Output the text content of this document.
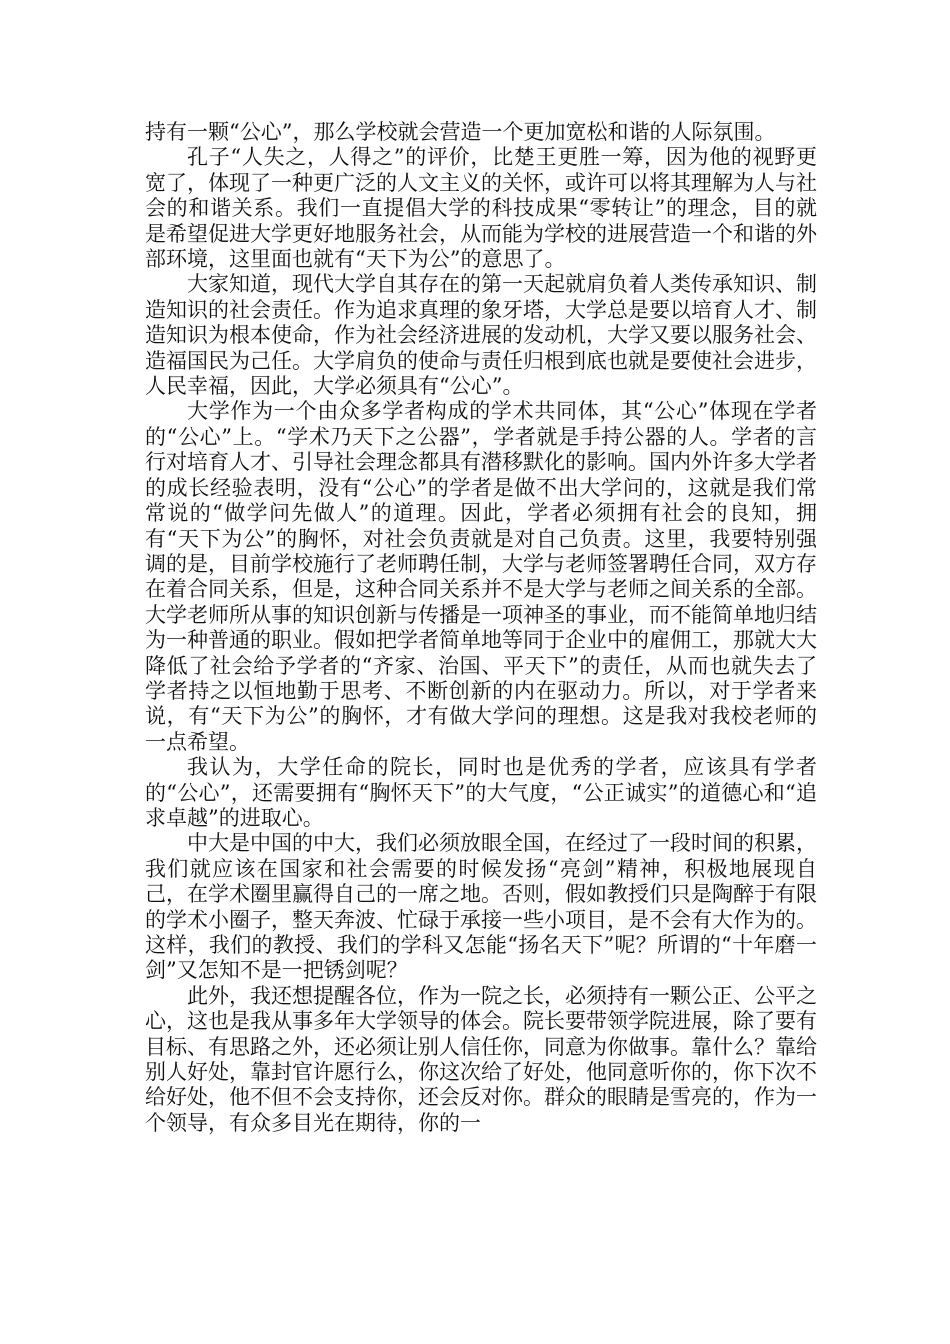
持有一颗“公心”，那么学校就会营造一个更加宽松和谐的人际氛围。

孔子“人失之，人得之”的评价，比楚王更胜一筹，因为他的视野更宽了，体现了一种更广泛的人文主义的关怀，或许可以将其理解为人与社会的和谐关系。我们一直提倡大学的科技成果“零转让”的理念，目的就是希望促进大学更好地服务社会，从而能为学校的进展营造一个和谐的外部环境，这里面也就有“天下为公”的意思了。

大家知道，现代大学自其存在的第一天起就肩负着人类传承知识、制造知识的社会责任。作为追求真理的象牙塔，大学总是要以培育人才、制造知识为根本使命，作为社会经济进展的发动机，大学又要以服务社会、造福国民为己任。大学肩负的使命与责任归根到底也就是要使社会进步，人民幸福，因此，大学必须具有“公心”。

大学作为一个由众多学者构成的学术共同体，其“公心”体现在学者的“公心”上。“学术乃天下之公器”，学者就是手持公器的人。学者的言行对培育人才、引导社会理念都具有潜移默化的影响。国内外许多大学者的成长经验表明，没有“公心”的学者是做不出大学问的，这就是我们常常说的“做学问先做人”的道理。因此，学者必须拥有社会的良知，拥有“天下为公”的胸怀，对社会负责就是对自己负责。这里，我要特别强调的是，目前学校施行了老师聘任制，大学与老师签署聘任合同，双方存在着合同关系，但是，这种合同关系并不是大学与老师之间关系的全部。大学老师所从事的知识创新与传播是一项神圣的事业，而不能简单地归结为一种普通的职业。假如把学者简单地等同于企业中的雇佣工，那就大大降低了社会给予学者的“齐家、治国、平天下”的责任，从而也就失去了学者持之以恒地勤于思考、不断创新的内在驱动力。所以，对于学者来说，有“天下为公”的胸怀，才有做大学问的理想。这是我对我校老师的一点希望。

我认为，大学任命的院长，同时也是优秀的学者，应该具有学者的“公心”，还需要拥有“胸怀天下”的大气度，“公正诚实”的道德心和“追求卓越”的进取心。

中大是中国的中大，我们必须放眼全国，在经过了一段时间的积累，我们就应该在国家和社会需要的时候发扬“亮剑”精神，积极地展现自己，在学术圈里赢得自己的一席之地。否则，假如教授们只是陶醉于有限的学术小圈子，整天奔波、忙碌于承接一些小项目，是不会有大作为的。这样，我们的教授、我们的学科又怎能“扬名天下”呢？所谓的“十年磨一剑”又怎知不是一把锈剑呢？

此外，我还想提醒各位，作为一院之长，必须持有一颗公正、公平之心，这也是我从事多年大学领导的体会。院长要带领学院进展，除了要有目标、有思路之外，还必须让别人信任你，同意为你做事。靠什么？靠给别人好处，靠封官许愿行么，你这次给了好处，他同意听你的，你下次不给好处，他不但不会支持你，还会反对你。群众的眼睛是雪亮的，作为一个领导，有众多目光在期待，你的一
